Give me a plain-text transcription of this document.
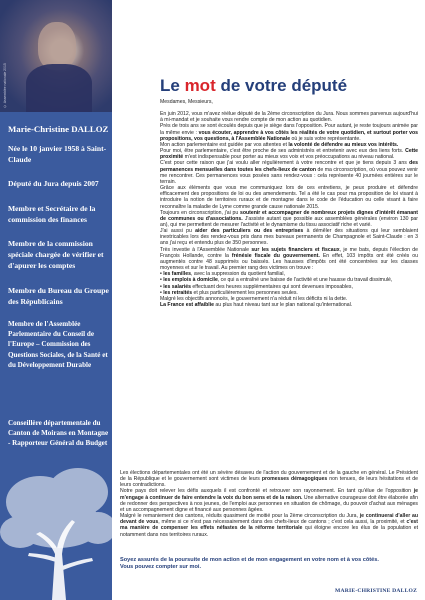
© Assemblée nationale 2015
Marie-Christine DALLOZ
Née le 10 janvier 1958 à Saint-Claude
Député du Jura depuis 2007
Membre et Secrétaire de la commission des finances
Membre de la commission spéciale chargée de vérifier et d'apurer les comptes
Membre du Bureau du Groupe des Républicains
Membre de l'Assemblée Parlementaire du Conseil de l'Europe – Commission des Questions Sociales, de la Santé et du Développement Durable
Conseillère départementale du Canton de Moirans en Montagne - Rapporteur Général du Budget
Le mot de votre député

Mesdames, Messieurs,

En juin 2012, vous m'avez réélue député de la 2ème circonscription du Jura. Nous sommes parvenus aujourd'hui à mi-mandat et je souhaite vous rendre compte de mon action au quotidien.

Près de trois ans se sont écoulés depuis que je siège dans l'opposition. Pour autant, je reste toujours animée par la même envie : vous écouter, apprendre à vos côtés les réalités de votre quotidien, et surtout porter vos propositions, vos questions, à l'Assemblée Nationale où je suis votre représentante.

Mon action parlementaire est guidée par vos attentes et la volonté de défendre au mieux vos intérêts.

Pour moi, être parlementaire, c'est être proche de ses administrés et entretenir avec eux des liens forts. Cette proximité m'est indispensable pour porter au mieux vos voix et vos préoccupations au niveau national.

C'est pour cette raison que j'ai voulu aller régulièrement à votre rencontre et que je tiens depuis 3 ans des permanences mensuelles dans toutes les chefs-lieux de canton de ma circonscription, où vous pouvez venir me rencontrer. Ces permanences vous posées sans rendez-vous : cela représente 40 journées entières sur le terrain.

Grâce aux éléments que vous me communiquez lors de ces entretiens, je peux produire et défendre efficacement des propositions de loi ou des amendements. Tel a été le cas pour ma proposition de loi visant à introduire la notion de territoires ruraux et de montagne dans le code de l'éducation ou celle visant à faire reconnaître la maladie de Lyme comme grande cause nationale 2015.

Toujours en circonscription, j'ai pu soutenir et accompagner de nombreux projets dignes d'intérêt émanant de communes ou d'associations. J'assiste autant que possible aux assemblées générales (environ 130 par an), qui me permettent de mesurer l'activité et le dynamisme du tissu associatif riche et varié.

J'ai aussi pu aider des particuliers ou des entreprises à démêler des situations qui leur semblaient inextricables lors des rendez-vous pris dans mes bureaux permanents de Champagnole et Saint-Claude : en 3 ans j'ai reçu et entendu plus de 350 personnes.

Très investie à l'Assemblée Nationale sur les sujets financiers et fiscaux, je me bats, depuis l'élection de François Hollande, contre la frénésie fiscale du gouvernement. En effet, 103 impôts ont été créés ou augmentés contre 48 supprimés ou baissés. Les hausses d'impôts ont été concentrées sur les classes moyennes et sur le travail. Au premier rang des victimes on trouve :

• les familles, avec la suppression du quotient familial,
• les emplois à domicile, ce qui a entraîné une baisse de l'activité et une hausse du travail dissimulé,
• les salariés effectuant des heures supplémentaires qui sont devenues imposables,
• les retraités et plus particulièrement les personnes seules.

Malgré les objectifs annoncés, le gouvernement n'a réduit ni les déficits ni la dette.

La France est affaiblie au plus haut niveau tant sur le plan national qu'international.

Les élections départementales ont été un sévère désaveu de l'action du gouvernement et de la gauche en général. Le Président de la République et le gouvernement sont victimes de leurs promesses démagogiques non tenues, de leurs hésitations et de leurs contradictions.

Notre pays doit relever les défis auxquels il est confronté et retrouver son rayonnement. En tant qu'élue de l'opposition je m'engage à continuer de faire entendre la voix du bon sens et de la raison. Une alternative courageuse doit être élaborée afin de redonner des perspectives à nos jeunes, de l'emploi aux personnes en situation de chômage, du pouvoir d'achat aux ménages et un accompagnement digne et financé aux personnes âgées.

Malgré le remaniement des cantons, réduits quasiment de moitié pour la 2ème circonscription du Jura, je continuerai d'aller au devant de vous, même si ce n'est pas nécessairement dans des chefs-lieux de cantons ; c'est cela aussi, la proximité, et c'est ma manière de compenser les effets néfastes de la réforme territoriale qui éloigne encore les élus de la population et notamment dans nos territoires ruraux.

Soyez assurés de la poursuite de mon action et de mon engagement en votre nom et à vos côtés.

Vous pouvez compter sur moi.

MARIE-CHRISTINE DALLOZ
